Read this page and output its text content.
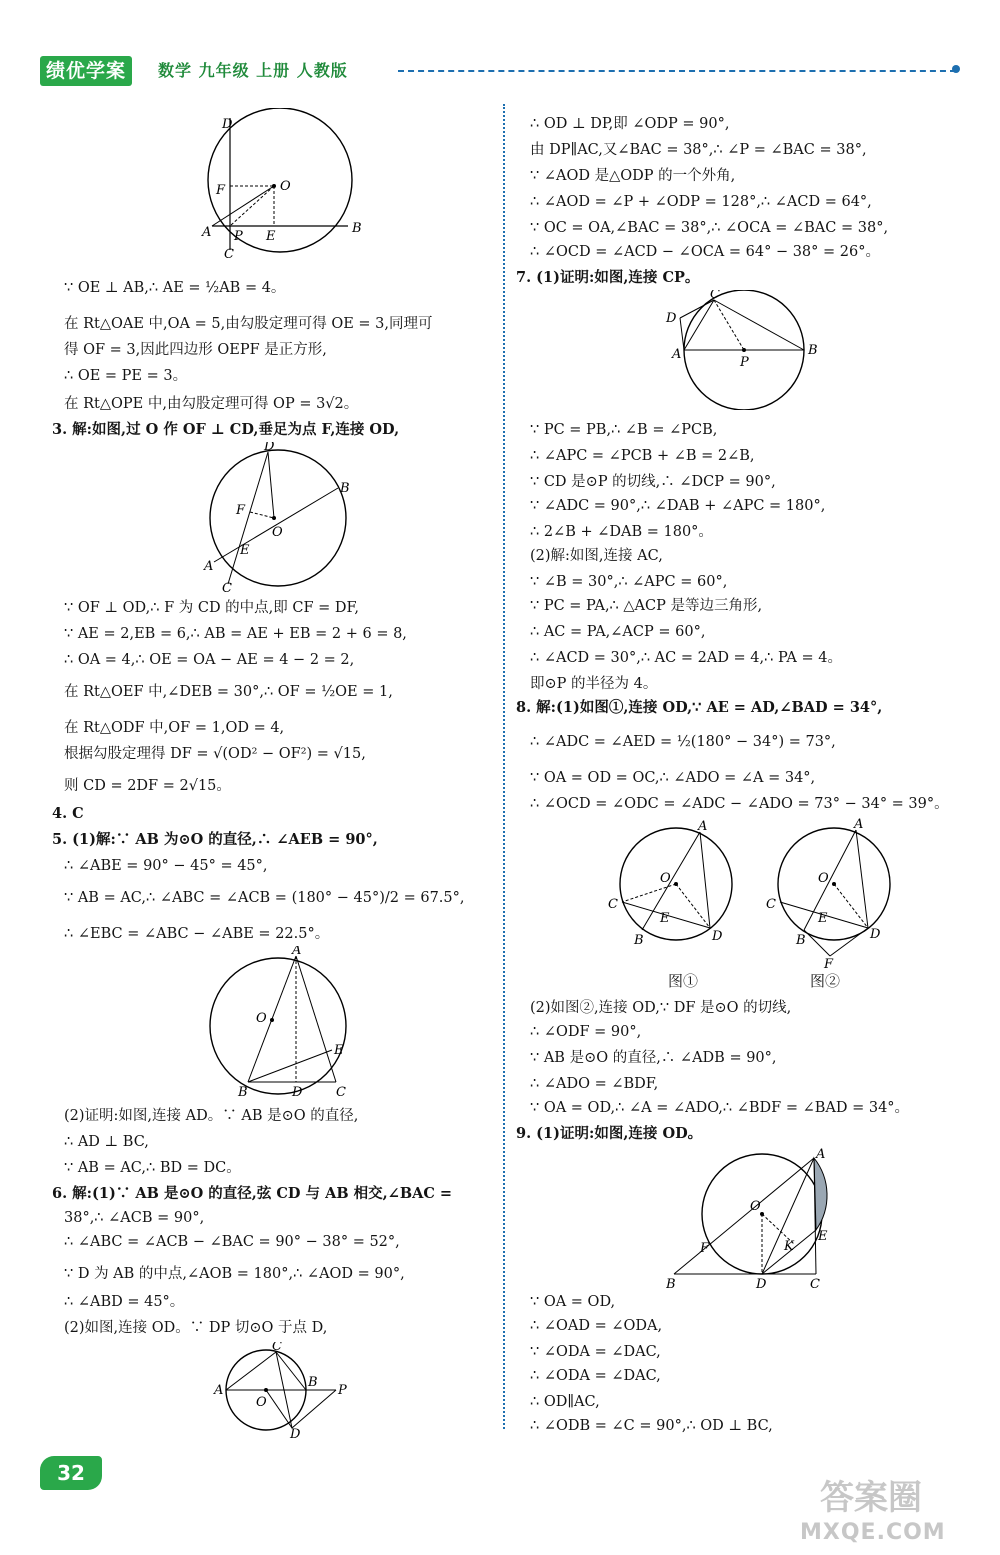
绩优学案	数学 九年级 上册 人教版
D
O
F
A P E
B
C
∵ OE ⊥ AB,∴ AE = ½AB = 4。
在 Rt△OAE 中,OA = 5,由勾股定理可得 OE = 3,同理可
得 OF = 3,因此四边形 OEPF 是正方形,
∴ OE = PE = 3。
在 Rt△OPE 中,由勾股定理可得 OP = 3√2。
3. 解:如图,过 O 作 OF ⊥ CD,垂足为点 F,连接 OD,
D
B
F
O
E
A
C
∵ OF ⊥ OD,∴ F 为 CD 的中点,即 CF = DF,
∵ AE = 2,EB = 6,∴ AB = AE + EB = 2 + 6 = 8,
∴ OA = 4,∴ OE = OA − AE = 4 − 2 = 2,
在 Rt△OEF 中,∠DEB = 30°,∴ OF = ½OE = 1,
在 Rt△ODF 中,OF = 1,OD = 4,
根据勾股定理得 DF = √(OD² − OF²) = √15,
则 CD = 2DF = 2√15。
4. C
5. (1)解:∵ AB 为⊙O 的直径,∴ ∠AEB = 90°,
∴ ∠ABE = 90° − 45° = 45°,
∵ AB = AC,∴ ∠ABC = ∠ACB = (180° − 45°)/2 = 67.5°,
∴ ∠EBC = ∠ABC − ∠ABE = 22.5°。
A
O
E
B	D	C
(2)证明:如图,连接 AD。∵ AB 是⊙O 的直径,
∴ AD ⊥ BC,
∵ AB = AC,∴ BD = DC。
6. 解:(1)∵ AB 是⊙O 的直径,弦 CD 与 AB 相交,∠BAC =
38°,∴ ∠ACB = 90°,
∴ ∠ABC = ∠ACB − ∠BAC = 90° − 38° = 52°,
∵ D 为 AB 的中点,∠AOB = 180°,∴ ∠AOD = 90°,
∴ ∠ABD = 45°。
(2)如图,连接 OD。∵ DP 切⊙O 于点 D,
A
C
B
P
O
D
∴ OD ⊥ DP,即 ∠ODP = 90°,
由 DP∥AC,又∠BAC = 38°,∴ ∠P = ∠BAC = 38°,
∵ ∠AOD 是△ODP 的一个外角,
∴ ∠AOD = ∠P + ∠ODP = 128°,∴ ∠ACD = 64°,
∵ OC = OA,∠BAC = 38°,∴ ∠OCA = ∠BAC = 38°,
∴ ∠OCD = ∠ACD − ∠OCA = 64° − 38° = 26°。
7. (1)证明:如图,连接 CP。
C
D
A
P
B
∵ PC = PB,∴ ∠B = ∠PCB,
∴ ∠APC = ∠PCB + ∠B = 2∠B,
∵ CD 是⊙P 的切线,∴ ∠DCP = 90°,
∵ ∠ADC = 90°,∴ ∠DAB + ∠APC = 180°,
∴ 2∠B + ∠DAB = 180°。
(2)解:如图,连接 AC,
∵ ∠B = 30°,∴ ∠APC = 60°,
∵ PC = PA,∴ △ACP 是等边三角形,
∴ AC = PA,∠ACP = 60°,
∴ ∠ACD = 30°,∴ AC = 2AD = 4,∴ PA = 4。
即⊙P 的半径为 4。
8. 解:(1)如图①,连接 OD,∵ AE = AD,∠BAD = 34°,
∴ ∠ADC = ∠AED = ½(180° − 34°) = 73°,
∵ OA = OD = OC,∴ ∠ADO = ∠A = 34°,
∴ ∠OCD = ∠ODC = ∠ADC − ∠ADO = 73° − 34° = 39°。
A
O
C
E
B	D
A
O
C
E
B	D
F
图①	图②
(2)如图②,连接 OD,∵ DF 是⊙O 的切线,
∴ ∠ODF = 90°,
∵ AB 是⊙O 的直径,∴ ∠ADB = 90°,
∴ ∠ADO = ∠BDF,
∵ OA = OD,∴ ∠A = ∠ADO,∴ ∠BDF = ∠BAD = 34°。
9. (1)证明:如图,连接 OD。
A
O
K
E
F
B	D	C
∵ OA = OD,
∴ ∠OAD = ∠ODA,
∵ ∠ODA = ∠DAC,
∴ ∠ODA = ∠DAC,
∴ OD∥AC,
∴ ∠ODB = ∠C = 90°,∴ OD ⊥ BC,
32
答案圈
MXQE.COM
